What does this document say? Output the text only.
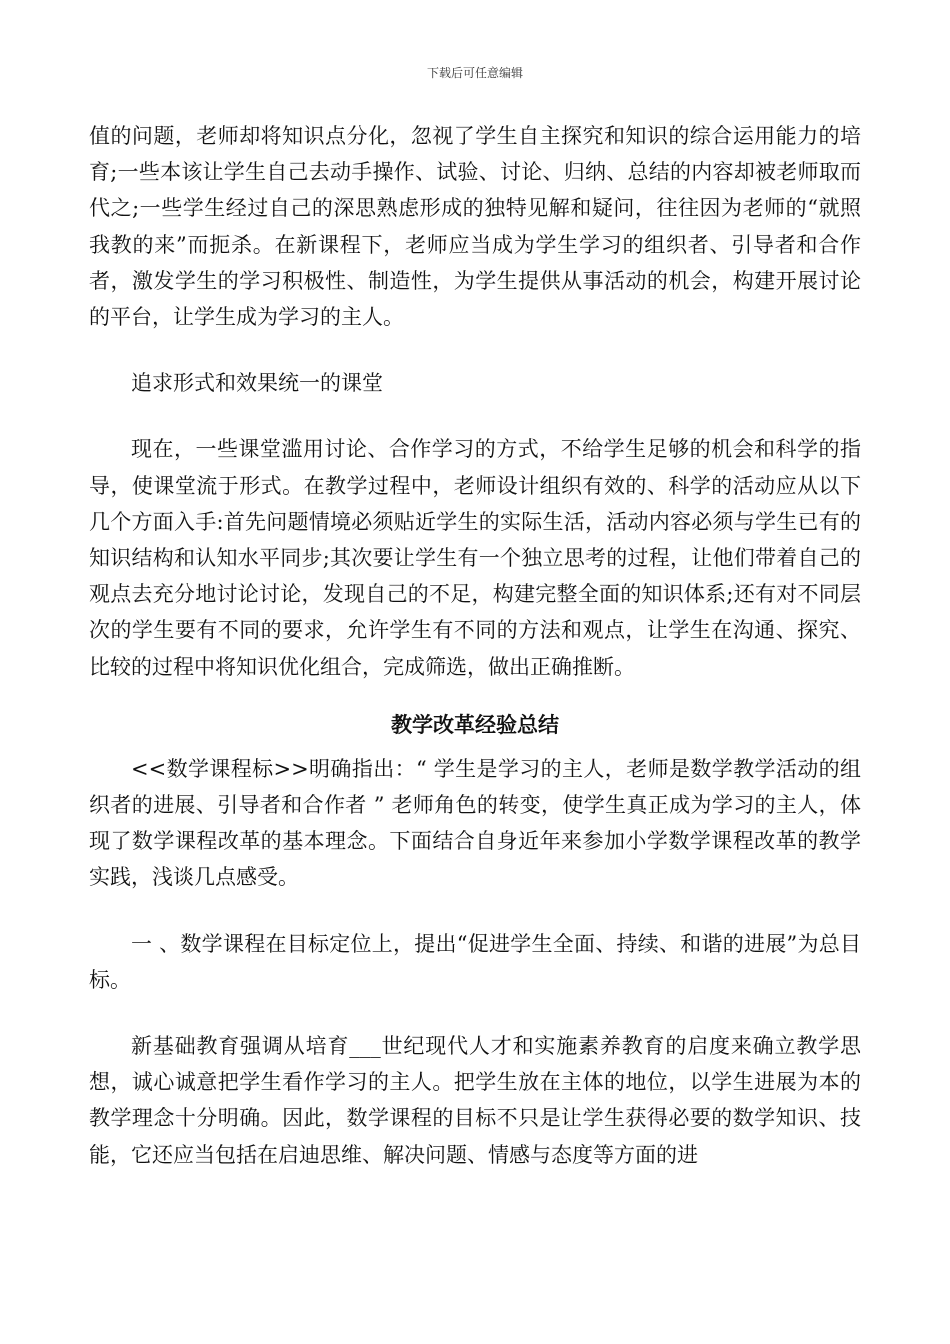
下载后可任意编辑

值的问题，老师却将知识点分化，忽视了学生自主探究和知识的综合运用能力的培育;一些本该让学生自己去动手操作、试验、讨论、归纳、总结的内容却被老师取而代之;一些学生经过自己的深思熟虑形成的独特见解和疑问，往往因为老师的“就照我教的来”而扼杀。在新课程下，老师应当成为学生学习的组织者、引导者和合作者，激发学生的学习积极性、制造性，为学生提供从事活动的机会，构建开展讨论的平台，让学生成为学习的主人。

追求形式和效果统一的课堂

现在，一些课堂滥用讨论、合作学习的方式，不给学生足够的机会和科学的指导，使课堂流于形式。在教学过程中，老师设计组织有效的、科学的活动应从以下几个方面入手:首先问题情境必须贴近学生的实际生活，活动内容必须与学生已有的知识结构和认知水平同步;其次要让学生有一个独立思考的过程，让他们带着自己的观点去充分地讨论讨论，发现自己的不足，构建完整全面的知识体系;还有对不同层次的学生要有不同的要求，允许学生有不同的方法和观点，让学生在沟通、探究、比较的过程中将知识优化组合，完成筛选，做出正确推断。

教学改革经验总结

<<数学课程标>>明确指出：“ 学生是学习的主人，老师是数学教学活动的组织者的进展、引导者和合作者 ” 老师角色的转变，使学生真正成为学习的主人，体现了数学课程改革的基本理念。下面结合自身近年来参加小学数学课程改革的教学实践，浅谈几点感受。

一 、数学课程在目标定位上，提出“促进学生全面、持续、和谐的进展”为总目标。

新基础教育强调从培育___世纪现代人才和实施素养教育的启度来确立教学思想，诚心诚意把学生看作学习的主人。把学生放在主体的地位，以学生进展为本的教学理念十分明确。因此，数学课程的目标不只是让学生获得必要的数学知识、技能，它还应当包括在启迪思维、解决问题、情感与态度等方面的进
